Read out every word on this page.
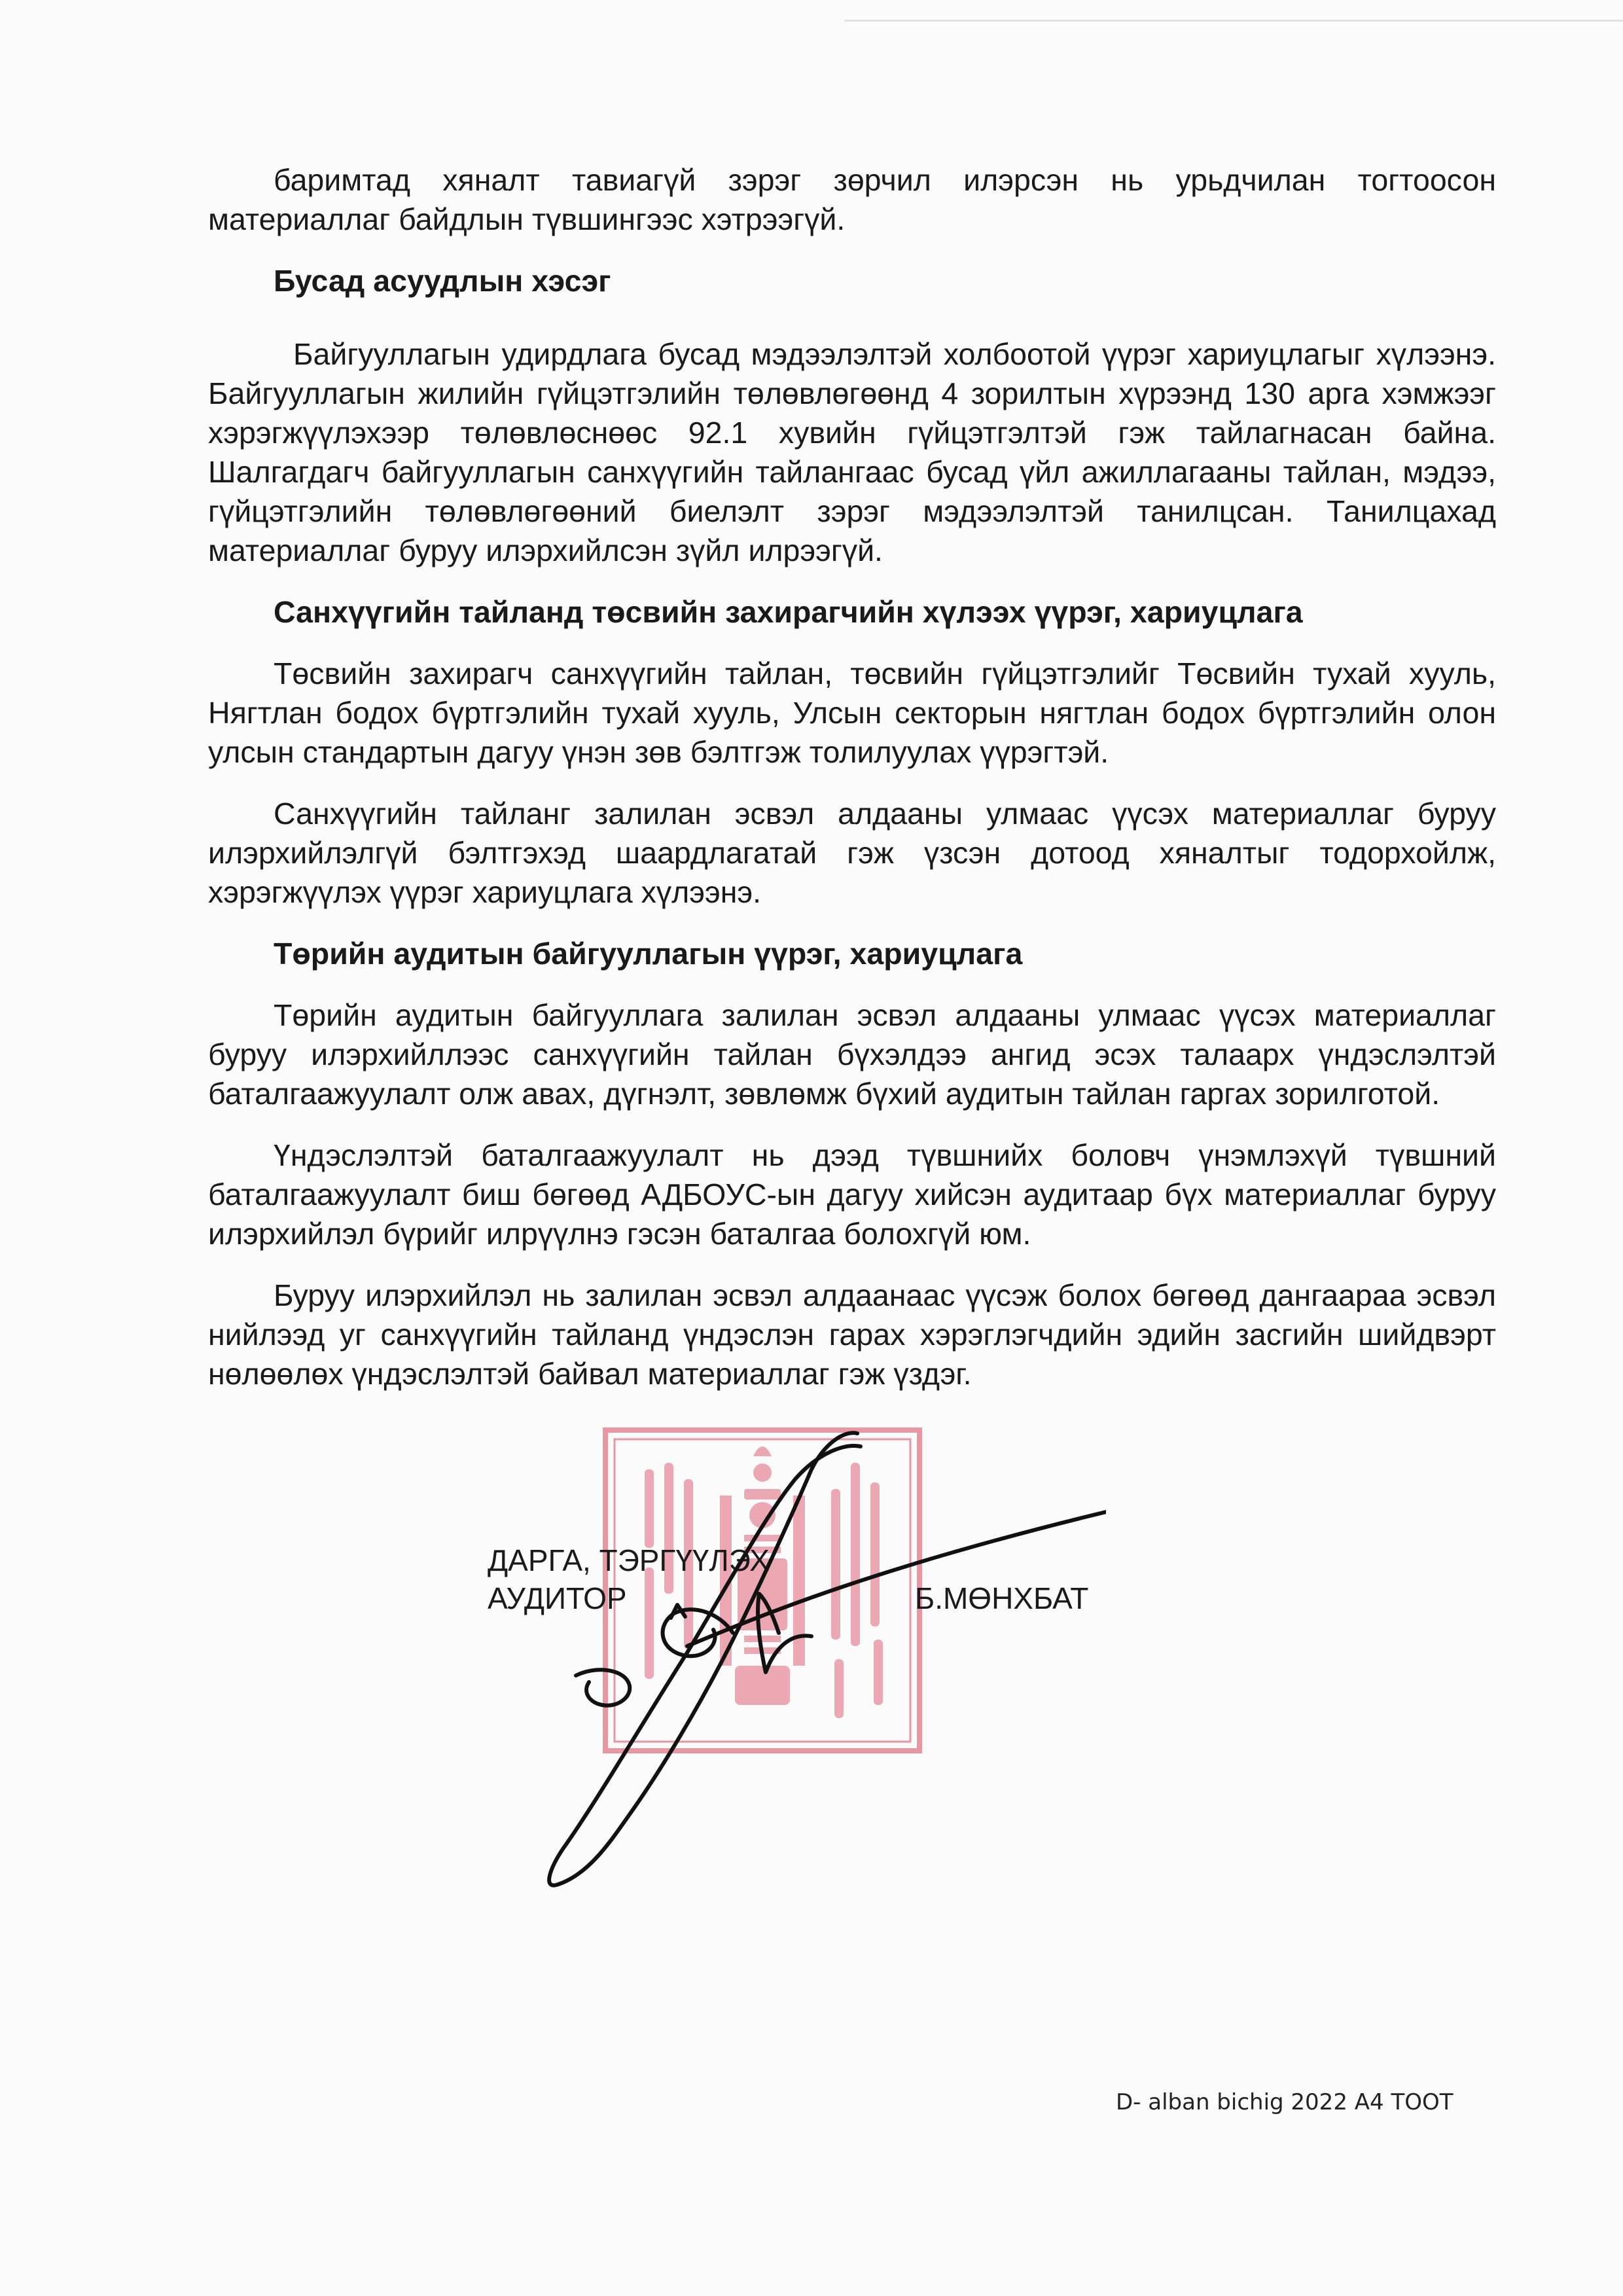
баримтад хяналт тавиагүй зэрэг зөрчил илэрсэн нь урьдчилан тогтоосон материаллаг байдлын түвшингээс хэтрээгүй.

Бусад асуудлын хэсэг

Байгууллагын удирдлага бусад мэдээлэлтэй холбоотой үүрэг хариуцлагыг хүлээнэ. Байгууллагын жилийн гүйцэтгэлийн төлөвлөгөөнд 4 зорилтын хүрээнд 130 арга хэмжээг хэрэгжүүлэхээр төлөвлөснөөс 92.1 хувийн гүйцэтгэлтэй гэж тайлагнасан байна. Шалгагдагч байгууллагын санхүүгийн тайлангаас бусад үйл ажиллагааны тайлан, мэдээ, гүйцэтгэлийн төлөвлөгөөний биелэлт зэрэг мэдээлэлтэй танилцсан. Танилцахад материаллаг буруу илэрхийлсэн зүйл илрээгүй.

Санхүүгийн тайланд төсвийн захирагчийн хүлээх үүрэг, хариуцлага

Төсвийн захирагч санхүүгийн тайлан, төсвийн гүйцэтгэлийг Төсвийн тухай хууль, Нягтлан бодох бүртгэлийн тухай хууль, Улсын секторын нягтлан бодох бүртгэлийн олон улсын стандартын дагуу үнэн зөв бэлтгэж толилуулах үүрэгтэй.

Санхүүгийн тайланг залилан эсвэл алдааны улмаас үүсэх материаллаг буруу илэрхийлэлгүй бэлтгэхэд шаардлагатай гэж үзсэн дотоод хяналтыг тодорхойлж, хэрэгжүүлэх үүрэг хариуцлага хүлээнэ.

Төрийн аудитын байгууллагын үүрэг, хариуцлага

Төрийн аудитын байгууллага залилан эсвэл алдааны улмаас үүсэх материаллаг буруу илэрхийллээс санхүүгийн тайлан бүхэлдээ ангид эсэх талаарх үндэслэлтэй баталгаажуулалт олж авах, дүгнэлт, зөвлөмж бүхий аудитын тайлан гаргах зорилготой.

Үндэслэлтэй баталгаажуулалт нь дээд түвшнийх боловч үнэмлэхүй түвшний баталгаажуулалт биш бөгөөд АДБОУС-ын дагуу хийсэн аудитаар бүх материаллаг буруу илэрхийлэл бүрийг илрүүлнэ гэсэн баталгаа болохгүй юм.

Буруу илэрхийлэл нь залилан эсвэл алдаанаас үүсэж болох бөгөөд дангаараа эсвэл нийлээд уг санхүүгийн тайланд үндэслэн гарах хэрэглэгчдийн эдийн засгийн шийдвэрт нөлөөлөх үндэслэлтэй байвал материаллаг гэж үздэг.

ДАРГА, ТЭРГҮҮЛЭХ
АУДИТОР	Б.МӨНХБАТ
D- alban bichig 2022 A4 TOOT
